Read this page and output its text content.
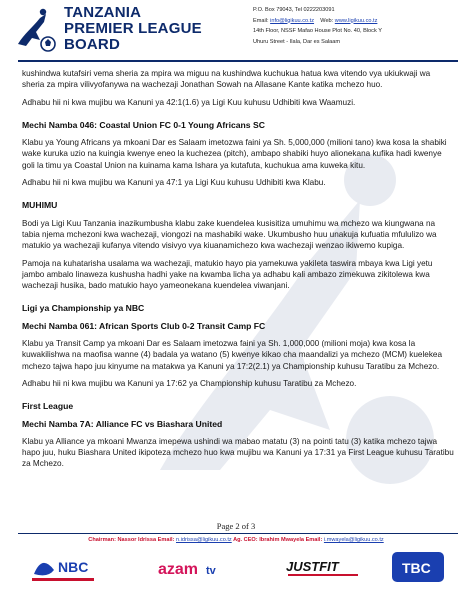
TANZANIA
PREMIER LEAGUE
BOARD
P.O. Box 79043, Tel 0222203091
Email: info@ligikuu.co.tz Web: www.ligikuu.co.tz
14th Floor, NSSF Mafao House Plot No. 40, Block Y
Uhuru Street - Ilala, Dar es Salaam

kushindwa kutafsiri vema sheria za mpira wa miguu na kushindwa kuchukua hatua kwa vitendo vya ukiukwaji wa sheria za mpira vilivyofanywa na wachezaji Jonathan Sowah na Allasane Kante katika mchezo huo.

Adhabu hii ni kwa mujibu wa Kanuni ya 42:1(1.6) ya Ligi Kuu kuhusu Udhibiti kwa Waamuzi.

Mechi Namba 046: Coastal Union FC 0-1 Young Africans SC

Klabu ya Young Africans ya mkoani Dar es Salaam imetozwa faini ya Sh. 5,000,000 (milioni tano) kwa kosa la shabiki wake kuruka uzio na kuingia kwenye eneo la kuchezea (pitch), ambapo shabiki huyo alionekana kufika hadi kwenye goli la timu ya Coastal Union na kuinama kama Ishara ya kutafuta, kuchukua ama kuweka kitu.

Adhabu hii ni kwa mujibu wa Kanuni ya 47:1 ya Ligi Kuu kuhusu Udhibiti kwa Klabu.

MUHIMU

Bodi ya Ligi Kuu Tanzania inazikumbusha klabu zake kuendelea kusisitiza umuhimu wa mchezo wa kiungwana na tabia njema mchezoni kwa wachezaji, viongozi na mashabiki wake. Ukumbusho huu unakuja kufuatia mfululizo wa matukio ya wachezaji kufanya vitendo visivyo vya kiuanamichezo kwa wachezaji wenzao ikiwemo kupiga.

Pamoja na kuhatarisha usalama wa wachezaji, matukio hayo pia yamekuwa yakileta taswira mbaya kwa Ligi yetu jambo ambalo linaweza kushusha hadhi yake na kwamba licha ya adhabu kali ambazo zimekuwa zikitolewa kwa wachezaji husika, bado matukio hayo yameonekana kuendelea viwanjani.

Ligi ya Championship ya NBC
Mechi Namba 061: African Sports Club 0-2 Transit Camp FC

Klabu ya Transit Camp ya mkoani Dar es Salaam imetozwa faini ya Sh. 1,000,000 (milioni moja) kwa kosa la kuwakilishwa na maofisa wanne (4) badala ya watano (5) kwenye kikao cha maandalizi ya mchezo (MCM) kuelekea mchezo tajwa hapo juu kinyume na matakwa ya Kanuni ya 17:2(2.1) ya Championship kuhusu Taratibu za Mchezo.

Adhabu hii ni kwa mujibu wa Kanuni ya 17:62 ya Championship kuhusu Taratibu za Mchezo.

First League
Mechi Namba 7A: Alliance FC vs Biashara United

Klabu ya Alliance ya mkoani Mwanza imepewa ushindi wa mabao matatu (3) na pointi tatu (3) katika mchezo tajwa hapo juu, huku Biashara United ikipoteza mchezo huo kwa mujibu wa Kanuni ya 17:31 ya First League kuhusu Taratibu za Mchezo.

Page 2 of 3
Chairman: Nassor Idrissa Email: n.idrissa@ligikuu.co.tz Ag. CEO: Ibrahim Mwayela Email: i.mwayela@ligikuu.co.tz
NBC	azam tv	JUSTFIT	TBC
